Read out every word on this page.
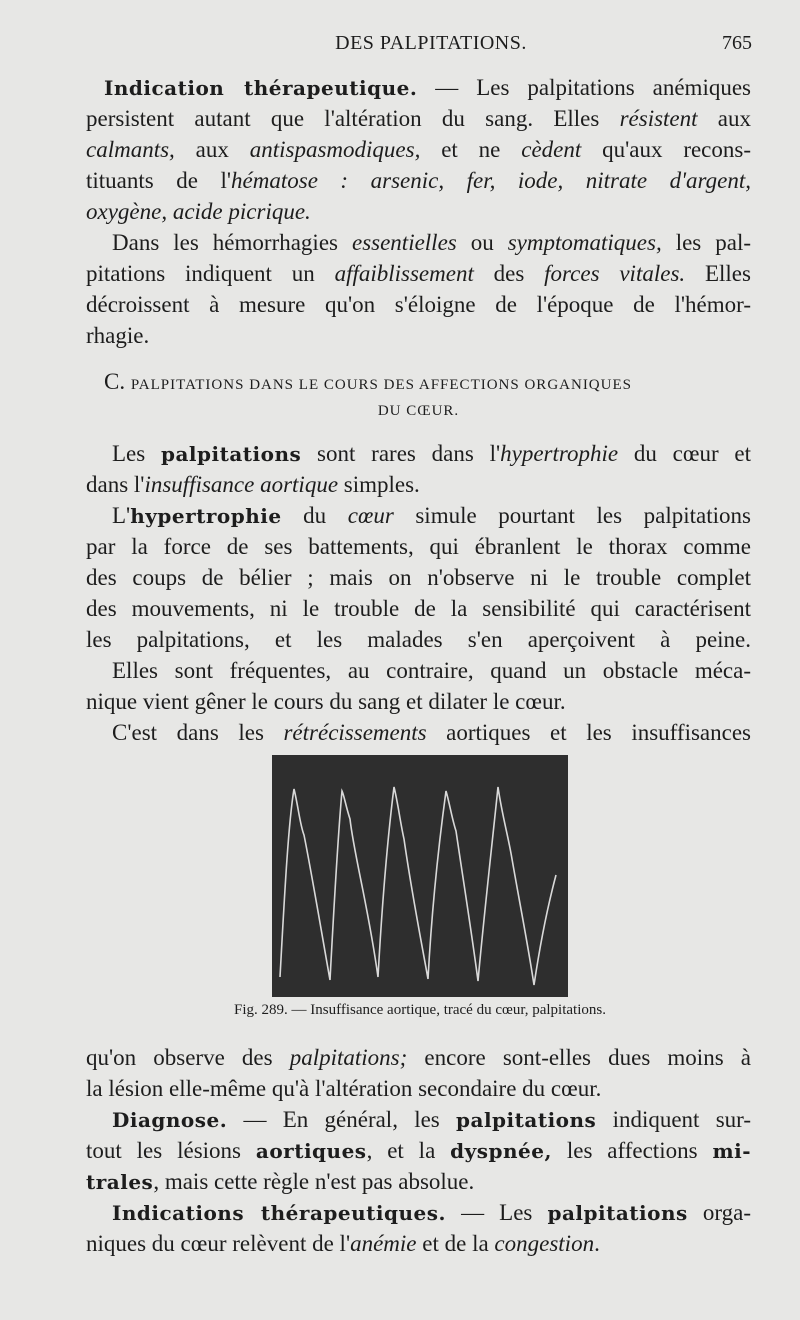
DES PALPITATIONS.	765
Indication thérapeutique. — Les palpitations anémiques
persistent autant que l'altération du sang. Elles résistent aux
calmants, aux antispasmodiques, et ne cèdent qu'aux recons-
tituants de l'hématose : arsenic, fer, iode, nitrate d'argent,
oxygène, acide picrique.
Dans les hémorrhagies essentielles ou symptomatiques, les pal-
pitations indiquent un affaiblissement des forces vitales. Elles
décroissent à mesure qu'on s'éloigne de l'époque de l'hémor-
rhagie.
C. PALPITATIONS DANS LE COURS DES AFFECTIONS ORGANIQUES
DU CŒUR.
Les palpitations sont rares dans l'hypertrophie du cœur et
dans l'insuffisance aortique simples.
L'hypertrophie du cœur simule pourtant les palpitations
par la force de ses battements, qui ébranlent le thorax comme
des coups de bélier ; mais on n'observe ni le trouble complet
des mouvements, ni le trouble de la sensibilité qui caractérisent
les palpitations, et les malades s'en aperçoivent à peine.
Elles sont fréquentes, au contraire, quand un obstacle méca-
nique vient gêner le cours du sang et dilater le cœur.
C'est dans les rétrécissements aortiques et les insuffisances
qu'on observe des palpitations; encore sont-elles dues moins à
la lésion elle-même qu'à l'altération secondaire du cœur.
Diagnose. — En général, les palpitations indiquent sur-
tout les lésions aortiques, et la dyspnée, les affections mi-
trales, mais cette règle n'est pas absolue.
Indications thérapeutiques. — Les palpitations orga-
niques du cœur relèvent de l'anémie et de la congestion.
Fig. 289. — Insuffisance aortique, tracé du cœur, palpitations.
